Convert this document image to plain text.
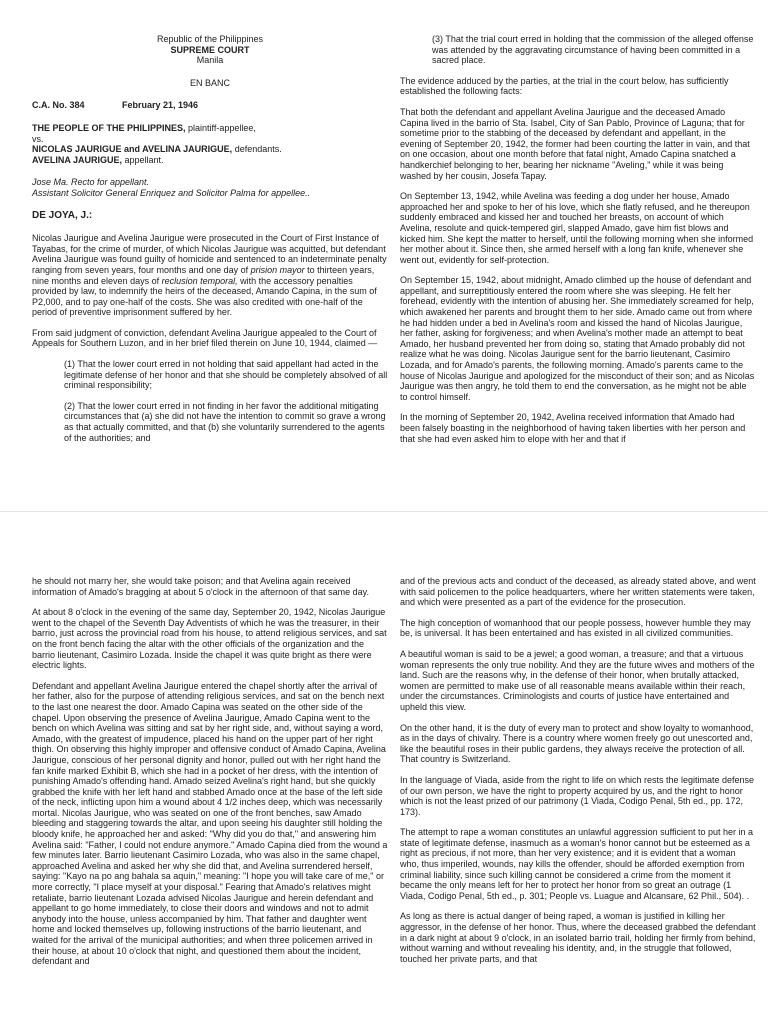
Republic of the Philippines

SUPREME COURT

Manila

EN BANC

C.A. No. 384	February 21, 1946

THE PEOPLE OF THE PHILIPPINES, plaintiff-appellee,
vs.
NICOLAS JAURIGUE and AVELINA JAURIGUE, defendants.
AVELINA JAURIGUE, appellant.

Jose Ma. Recto for appellant.
Assistant Solicitor General Enriquez and Solicitor Palma for appellee..

DE JOYA, J.:

Nicolas Jaurigue and Avelina Jaurigue were prosecuted in the Court of First Instance of Tayabas, for the crime of murder, of which Nicolas Jaurigue was acquitted, but defendant Avelina Jaurigue was found guilty of homicide and sentenced to an indeterminate penalty ranging from seven years, four months and one day of prision mayor to thirteen years, nine months and eleven days of reclusion temporal, with the accessory penalties provided by law, to indemnify the heirs of the deceased, Amando Capina, in the sum of P2,000, and to pay one-half of the costs. She was also credited with one-half of the period of preventive imprisonment suffered by her.

From said judgment of conviction, defendant Avelina Jaurigue appealed to the Court of Appeals for Southern Luzon, and in her brief filed therein on June 10, 1944, claimed —

(1) That the lower court erred in not holding that said appellant had acted in the legitimate defense of her honor and that she should be completely absolved of all criminal responsibility;

(2) That the lower court erred in not finding in her favor the additional mitigating circumstances that (a) she did not have the intention to commit so grave a wrong as that actually committed, and that (b) she voluntarily surrendered to the agents of the authorities; and

(3) That the trial court erred in holding that the commission of the alleged offense was attended by the aggravating circumstance of having been committed in a sacred place.

The evidence adduced by the parties, at the trial in the court below, has sufficiently established the following facts:

That both the defendant and appellant Avelina Jaurigue and the deceased Amado Capina lived in the barrio of Sta. Isabel, City of San Pablo, Province of Laguna; that for sometime prior to the stabbing of the deceased by defendant and appellant, in the evening of September 20, 1942, the former had been courting the latter in vain, and that on one occasion, about one month before that fatal night, Amado Capina snatched a handkerchief belonging to her, bearing her nickname "Aveling," while it was being washed by her cousin, Josefa Tapay.

On September 13, 1942, while Avelina was feeding a dog under her house, Amado approached her and spoke to her of his love, which she flatly refused, and he thereupon suddenly embraced and kissed her and touched her breasts, on account of which Avelina, resolute and quick-tempered girl, slapped Amado, gave him fist blows and kicked him. She kept the matter to herself, until the following morning when she informed her mother about it. Since then, she armed herself with a long fan knife, whenever she went out, evidently for self-protection.

On September 15, 1942, about midnight, Amado climbed up the house of defendant and appellant, and surreptitiously entered the room where she was sleeping. He felt her forehead, evidently with the intention of abusing her. She immediately screamed for help, which awakened her parents and brought them to her side. Amado came out from where he had hidden under a bed in Avelina's room and kissed the hand of Nicolas Jaurigue, her father, asking for forgiveness; and when Avelina's mother made an attempt to beat Amado, her husband prevented her from doing so, stating that Amado probably did not realize what he was doing. Nicolas Jaurigue sent for the barrio lieutenant, Casimiro Lozada, and for Amado's parents, the following morning. Amado's parents came to the house of Nicolas Jaurigue and apologized for the misconduct of their son; and as Nicolas Jaurigue was then angry, he told them to end the conversation, as he might not be able to control himself.

In the morning of September 20, 1942, Avelina received information that Amado had been falsely boasting in the neighborhood of having taken liberties with her person and that she had even asked him to elope with her and that if

he should not marry her, she would take poison; and that Avelina again received information of Amado's bragging at about 5 o'clock in the afternoon of that same day.

At about 8 o'clock in the evening of the same day, September 20, 1942, Nicolas Jaurigue went to the chapel of the Seventh Day Adventists of which he was the treasurer, in their barrio, just across the provincial road from his house, to attend religious services, and sat on the front bench facing the altar with the other officials of the organization and the barrio lieutenant, Casimiro Lozada. Inside the chapel it was quite bright as there were electric lights.

Defendant and appellant Avelina Jaurigue entered the chapel shortly after the arrival of her father, also for the purpose of attending religious services, and sat on the bench next to the last one nearest the door. Amado Capina was seated on the other side of the chapel. Upon observing the presence of Avelina Jaurigue, Amado Capina went to the bench on which Avelina was sitting and sat by her right side, and, without saying a word, Amado, with the greatest of impudence, placed his hand on the upper part of her right thigh. On observing this highly improper and offensive conduct of Amado Capina, Avelina Jaurigue, conscious of her personal dignity and honor, pulled out with her right hand the fan knife marked Exhibit B, which she had in a pocket of her dress, with the intention of punishing Amado's offending hand. Amado seized Avelina's right hand, but she quickly grabbed the knife with her left hand and stabbed Amado once at the base of the left side of the neck, inflicting upon him a wound about 4 1/2 inches deep, which was necessarily mortal. Nicolas Jaurigue, who was seated on one of the front benches, saw Amado bleeding and staggering towards the altar, and upon seeing his daughter still holding the bloody knife, he approached her and asked: "Why did you do that," and answering him Avelina said: "Father, I could not endure anymore." Amado Capina died from the wound a few minutes later. Barrio lieutenant Casimiro Lozada, who was also in the same chapel, approached Avelina and asked her why she did that, and Avelina surrendered herself, saying: "Kayo na po ang bahala sa aquin," meaning: "I hope you will take care of me," or more correctly, "I place myself at your disposal." Fearing that Amado's relatives might retaliate, barrio lieutenant Lozada advised Nicolas Jaurigue and herein defendant and appellant to go home immediately, to close their doors and windows and not to admit anybody into the house, unless accompanied by him. That father and daughter went home and locked themselves up, following instructions of the barrio lieutenant, and waited for the arrival of the municipal authorities; and when three policemen arrived in their house, at about 10 o'clock that night, and questioned them about the incident, defendant and

and of the previous acts and conduct of the deceased, as already stated above, and went with said policemen to the police headquarters, where her written statements were taken, and which were presented as a part of the evidence for the prosecution.

The high conception of womanhood that our people possess, however humble they may be, is universal. It has been entertained and has existed in all civilized communities.

A beautiful woman is said to be a jewel; a good woman, a treasure; and that a virtuous woman represents the only true nobility. And they are the future wives and mothers of the land. Such are the reasons why, in the defense of their honor, when brutally attacked, women are permitted to make use of all reasonable means available within their reach, under the circumstances. Criminologists and courts of justice have entertained and upheld this view.

On the other hand, it is the duty of every man to protect and show loyalty to womanhood, as in the days of chivalry. There is a country where women freely go out unescorted and, like the beautiful roses in their public gardens, they always receive the protection of all. That country is Switzerland.

In the language of Viada, aside from the right to life on which rests the legitimate defense of our own person, we have the right to property acquired by us, and the right to honor which is not the least prized of our patrimony (1 Viada, Codigo Penal, 5th ed., pp. 172, 173).

The attempt to rape a woman constitutes an unlawful aggression sufficient to put her in a state of legitimate defense, inasmuch as a woman's honor cannot but be esteemed as a right as precious, if not more, than her very existence; and it is evident that a woman who, thus imperiled, wounds, nay kills the offender, should be afforded exemption from criminal liability, since such killing cannot be considered a crime from the moment it became the only means left for her to protect her honor from so great an outrage (1 Viada, Codigo Penal, 5th ed., p. 301; People vs. Luague and Alcansare, 62 Phil., 504). .

As long as there is actual danger of being raped, a woman is justified in killing her aggressor, in the defense of her honor. Thus, where the deceased grabbed the defendant in a dark night at about 9 o'clock, in an isolated barrio trail, holding her firmly from behind, without warning and without revealing his identity, and, in the struggle that followed, touched her private parts, and that
